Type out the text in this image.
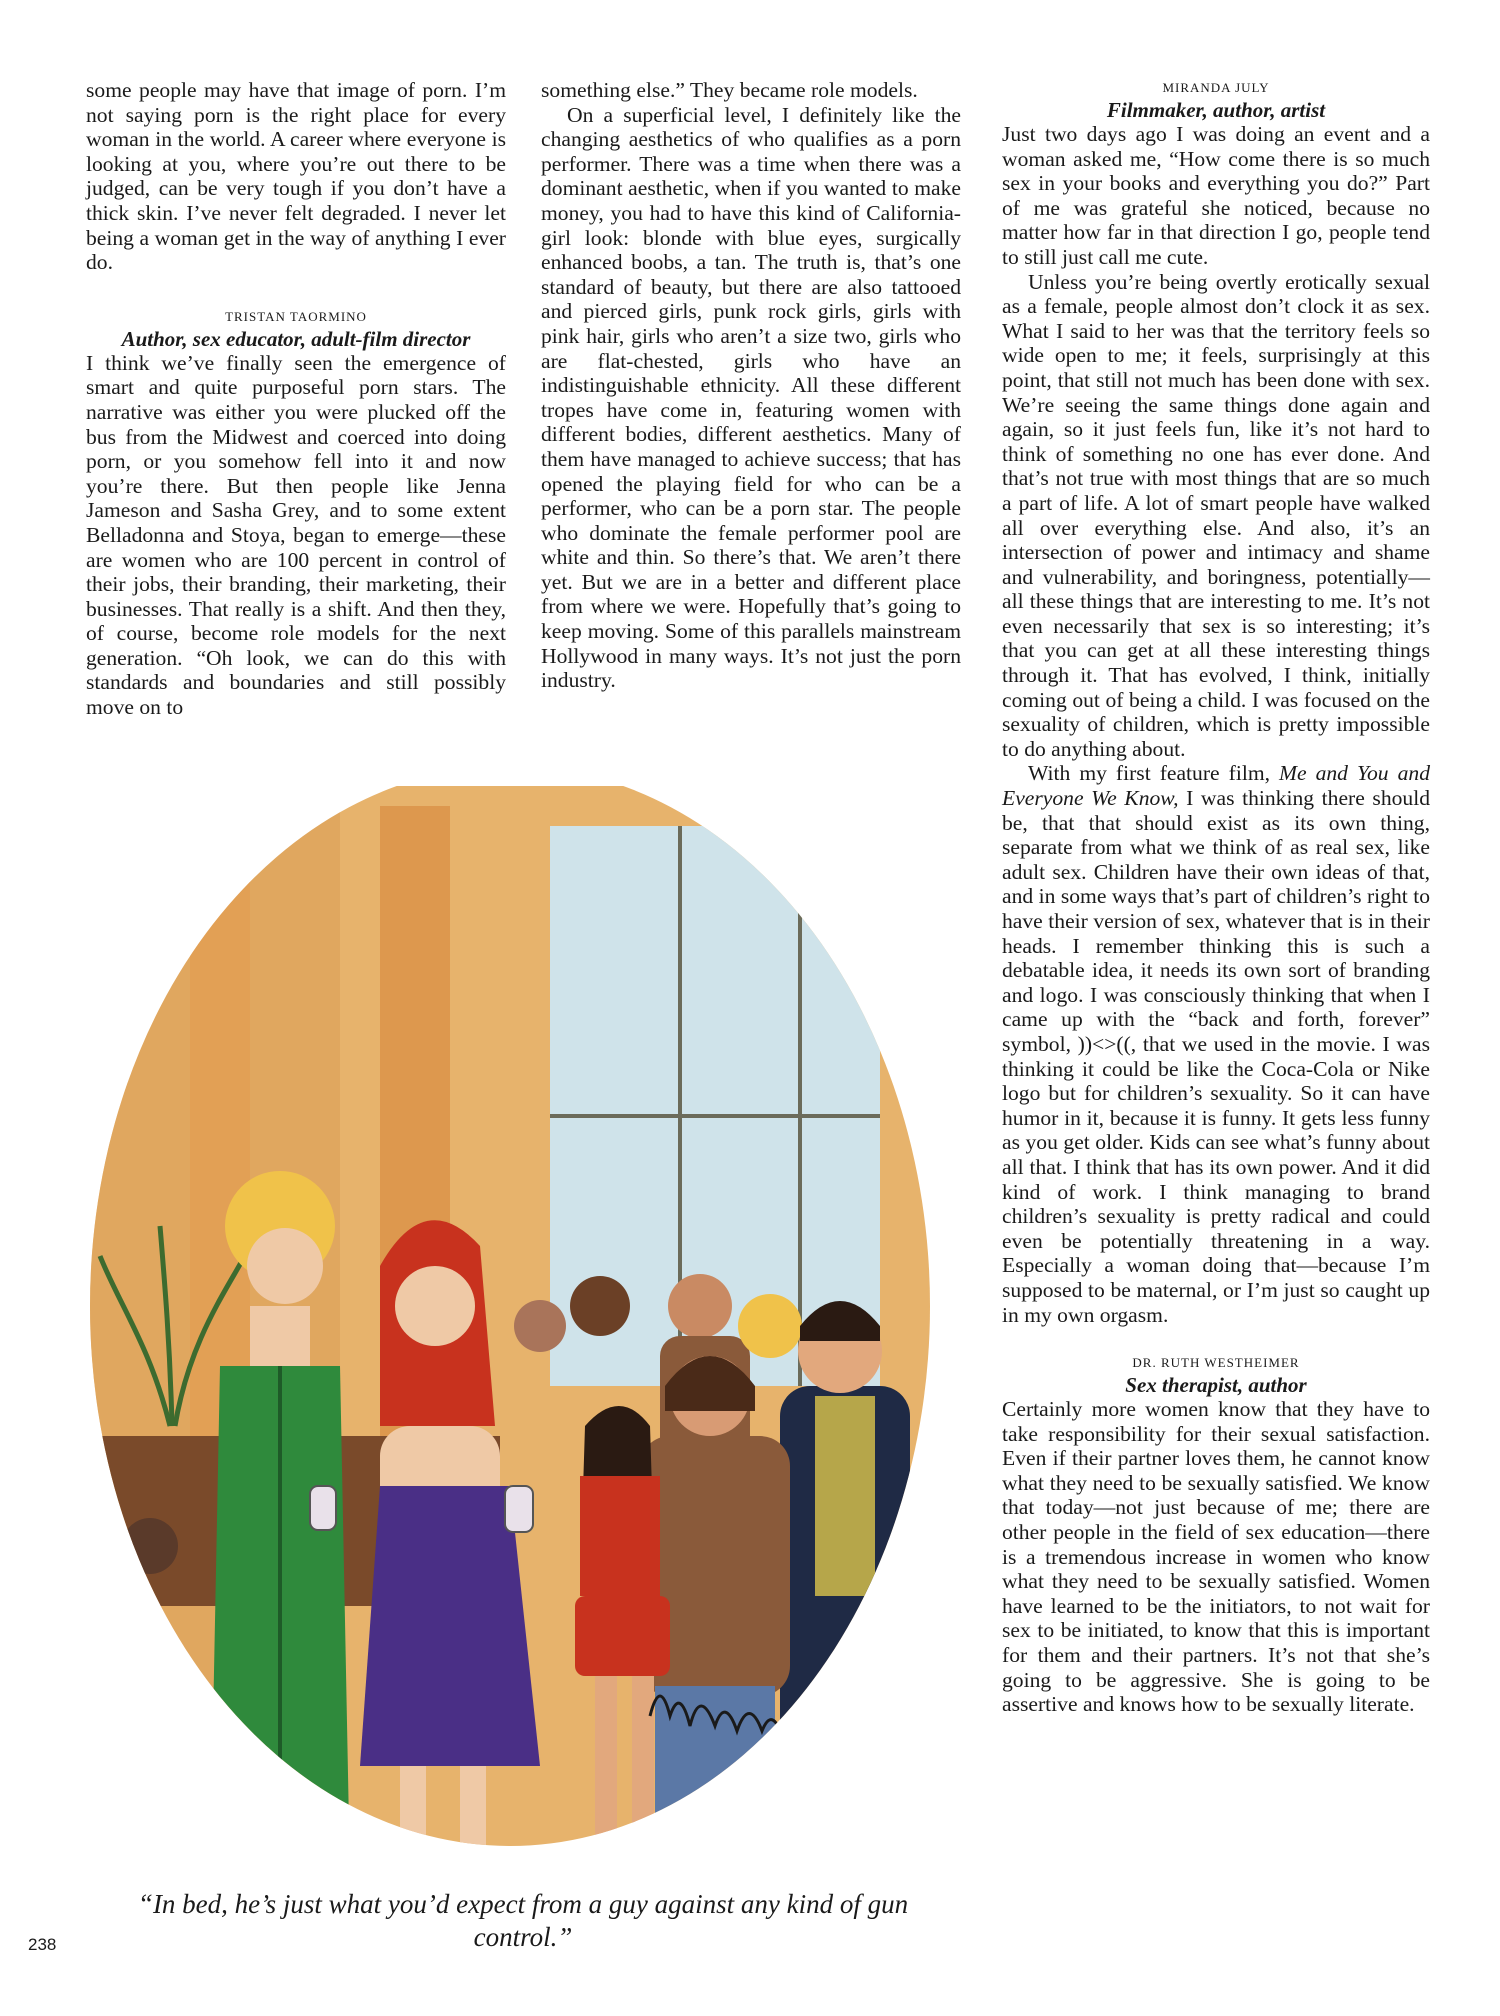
some people may have that image of porn. I’m not saying porn is the right place for every woman in the world. A career where everyone is looking at you, where you’re out there to be judged, can be very tough if you don’t have a thick skin. I’ve never felt degraded. I never let being a woman get in the way of anything I ever do.

TRISTAN TAORMINO

Author, sex educator, adult-film director

I think we’ve finally seen the emergence of smart and quite purposeful porn stars. The narrative was either you were plucked off the bus from the Midwest and coerced into doing porn, or you somehow fell into it and now you’re there. But then people like Jenna Jameson and Sasha Grey, and to some extent Belladonna and Stoya, began to emerge—these are women who are 100 percent in control of their jobs, their branding, their marketing, their businesses. That really is a shift. And then they, of course, become role models for the next generation. “Oh look, we can do this with standards and boundaries and still possibly move on to

something else.” They became role models.

On a superficial level, I definitely like the changing aesthetics of who qualifies as a porn performer. There was a time when there was a dominant aesthetic, when if you wanted to make money, you had to have this kind of California-girl look: blonde with blue eyes, surgically enhanced boobs, a tan. The truth is, that’s one standard of beauty, but there are also tattooed and pierced girls, punk rock girls, girls with pink hair, girls who aren’t a size two, girls who are flat-chested, girls who have an indistinguishable ethnicity. All these different tropes have come in, featuring women with different bodies, different aesthetics. Many of them have managed to achieve success; that has opened the playing field for who can be a performer, who can be a porn star. The people who dominate the female performer pool are white and thin. So there’s that. We aren’t there yet. But we are in a better and different place from where we were. Hopefully that’s going to keep moving. Some of this parallels mainstream Hollywood in many ways. It’s not just the porn industry.

MIRANDA JULY

Filmmaker, author, artist

Just two days ago I was doing an event and a woman asked me, “How come there is so much sex in your books and everything you do?” Part of me was grateful she noticed, because no matter how far in that direction I go, people tend to still just call me cute.

Unless you’re being overtly erotically sexual as a female, people almost don’t clock it as sex. What I said to her was that the territory feels so wide open to me; it feels, surprisingly at this point, that still not much has been done with sex. We’re seeing the same things done again and again, so it just feels fun, like it’s not hard to think of something no one has ever done. And that’s not true with most things that are so much a part of life. A lot of smart people have walked all over everything else. And also, it’s an intersection of power and intimacy and shame and vulnerability, and boringness, potentially—all these things that are interesting to me. It’s not even necessarily that sex is so interesting; it’s that you can get at all these interesting things through it. That has evolved, I think, initially coming out of being a child. I was focused on the sexuality of children, which is pretty impossible to do anything about.

With my first feature film, Me and You and Everyone We Know, I was thinking there should be, that that should exist as its own thing, separate from what we think of as real sex, like adult sex. Children have their own ideas of that, and in some ways that’s part of children’s right to have their version of sex, whatever that is in their heads. I remember thinking this is such a debatable idea, it needs its own sort of branding and logo. I was consciously thinking that when I came up with the “back and forth, forever” symbol, ))<>((, that we used in the movie. I was thinking it could be like the Coca-Cola or Nike logo but for children’s sexuality. So it can have humor in it, because it is funny. It gets less funny as you get older. Kids can see what’s funny about all that. I think that has its own power. And it did kind of work. I think managing to brand children’s sexuality is pretty radical and could even be potentially threatening in a way. Especially a woman doing that—because I’m supposed to be maternal, or I’m just so caught up in my own orgasm.

DR. RUTH WESTHEIMER

Sex therapist, author

Certainly more women know that they have to take responsibility for their sexual satisfaction. Even if their partner loves them, he cannot know what they need to be sexually satisfied. We know that today—not just because of me; there are other people in the field of sex education—there is a tremendous increase in women who know what they need to be sexually satisfied. Women have learned to be the initiators, to not wait for sex to be initiated, to know that this is important for them and their partners. It’s not that she’s going to be aggressive. She is going to be assertive and knows how to be sexually literate.

“In bed, he’s just what you’d expect from a guy against any kind of gun control.”
238
